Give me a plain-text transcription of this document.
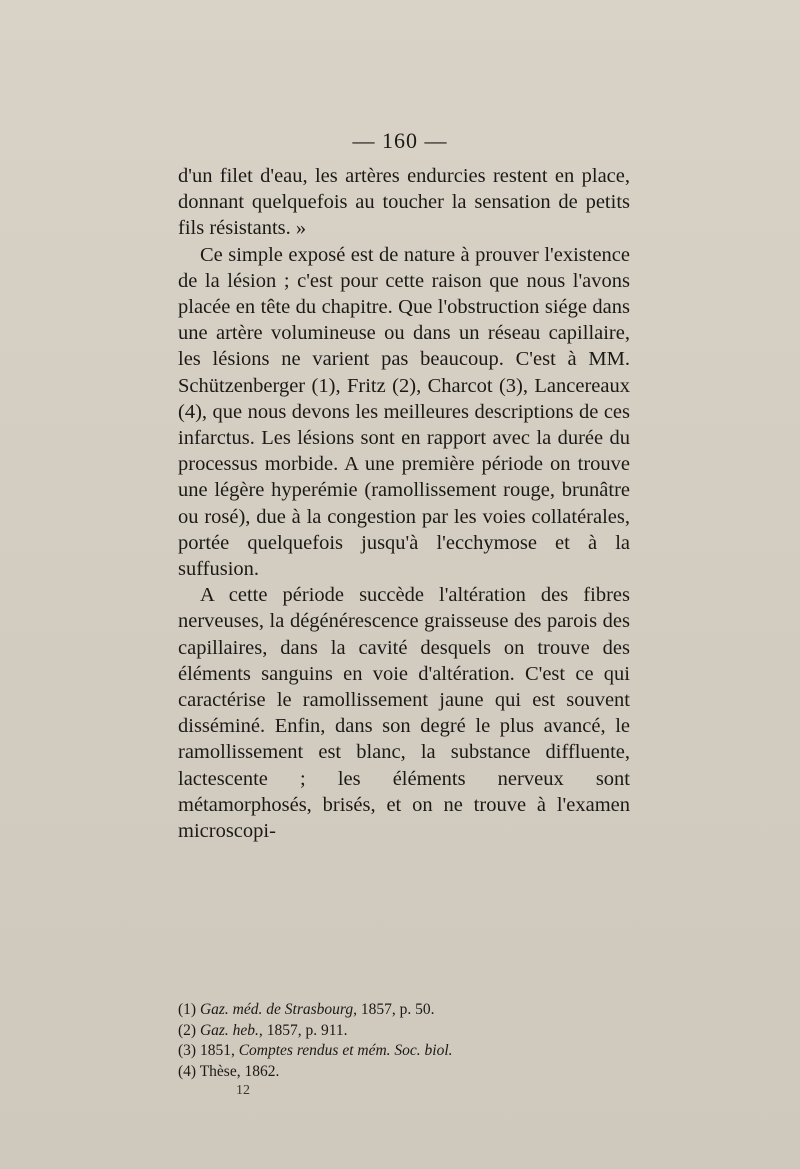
— 160 —

d'un filet d'eau, les artères endurcies restent en place, donnant quelquefois au toucher la sensation de petits fils résistants. »

Ce simple exposé est de nature à prouver l'existence de la lésion ; c'est pour cette raison que nous l'avons placée en tête du chapitre. Que l'obstruction siége dans une artère volumineuse ou dans un réseau capillaire, les lésions ne varient pas beaucoup. C'est à MM. Schützenberger (1), Fritz (2), Charcot (3), Lancereaux (4), que nous devons les meilleures descriptions de ces infarctus. Les lésions sont en rapport avec la durée du processus morbide. A une première période on trouve une légère hyperémie (ramollissement rouge, brunâtre ou rosé), due à la congestion par les voies collatérales, portée quelquefois jusqu'à l'ecchymose et à la suffusion.

A cette période succède l'altération des fibres nerveuses, la dégénérescence graisseuse des parois des capillaires, dans la cavité desquels on trouve des éléments sanguins en voie d'altération. C'est ce qui caractérise le ramollissement jaune qui est souvent disséminé. Enfin, dans son degré le plus avancé, le ramollissement est blanc, la substance diffluente, lactescente ; les éléments nerveux sont métamorphosés, brisés, et on ne trouve à l'examen microscopi-

(1) Gaz. méd. de Strasbourg, 1857, p. 50.
(2) Gaz. heb., 1857, p. 911.
(3) 1851, Comptes rendus et mém. Soc. biol.
(4) Thèse, 1862.
12
